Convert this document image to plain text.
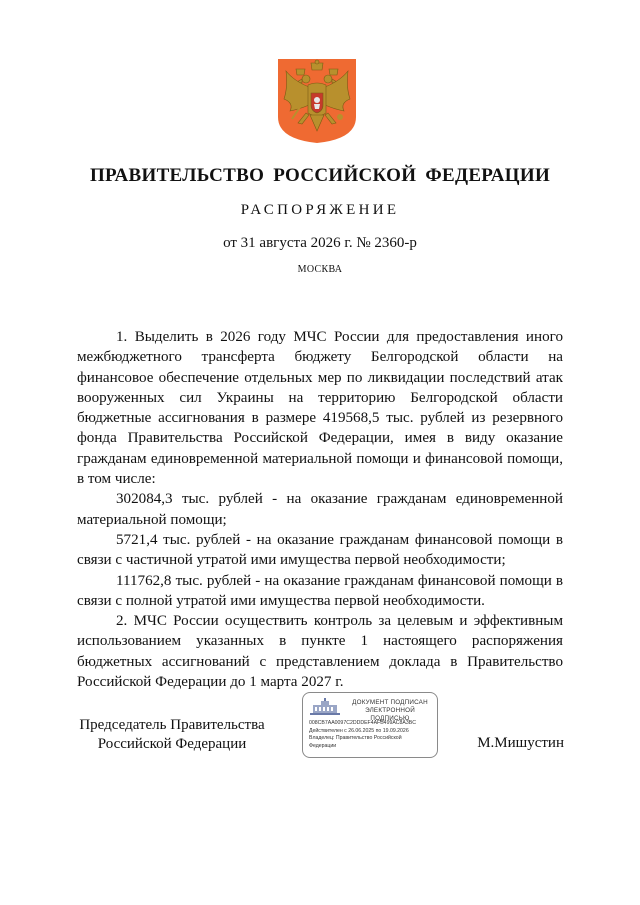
ПРАВИТЕЛЬСТВО РОССИЙСКОЙ ФЕДЕРАЦИИ
РАСПОРЯЖЕНИЕ
от 31 августа 2026 г. № 2360-р
МОСКВА

1. Выделить в 2026 году МЧС России для предоставления иного межбюджетного трансферта бюджету Белгородской области на финансовое обеспечение отдельных мер по ликвидации последствий атак вооруженных сил Украины на территорию Белгородской области бюджетные ассигнования в размере 419568,5 тыс. рублей из резервного фонда Правительства Российской Федерации, имея в виду оказание гражданам единовременной материальной помощи и финансовой помощи, в том числе:

302084,3 тыс. рублей - на оказание гражданам единовременной материальной помощи;

5721,4 тыс. рублей - на оказание гражданам финансовой помощи в связи с частичной утратой ими имущества первой необходимости;

111762,8 тыс. рублей - на оказание гражданам финансовой помощи в связи с полной утратой ими имущества первой необходимости.

2. МЧС России осуществить контроль за целевым и эффективным использованием указанных в пункте 1 настоящего распоряжения бюджетных ассигнований с представлением доклада в Правительство Российской Федерации до 1 марта 2027 г.

Председатель Правительства
Российской Федерации
ДОКУМЕНТ ПОДПИСАН
ЭЛЕКТРОННОЙ ПОДПИСЬЮ
008CB7AA0097C2DDDEF4AFB499AC8A3BC
Действителен с 26.06.2025 по 19.09.2026
Владелец: Правительство Российской
Федерации	М.Мишустин
